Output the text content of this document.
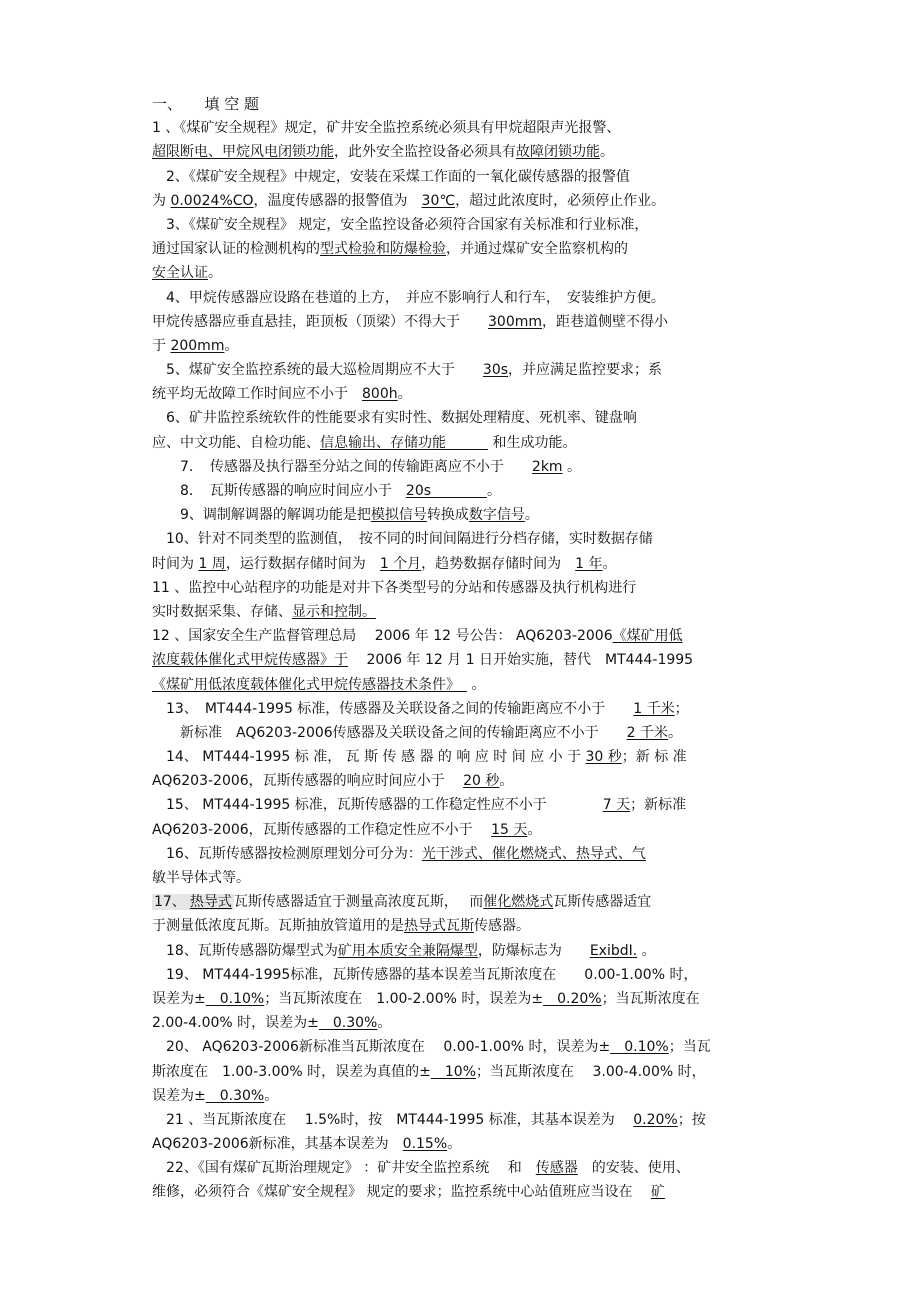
一、　　填 空 题
1 、《煤矿安全规程》规定，矿井安全监控系统必须具有甲烷超限声光报警、
超限断电、甲烷风电闭锁功能，此外安全监控设备必须具有故障闭锁功能。
　2、《煤矿安全规程》中规定，安装在采煤工作面的一氧化碳传感器的报警值
为 0.0024%CO，温度传感器的报警值为　30℃，超过此浓度时，必须停止作业。
　3、《煤矿安全规程》 规定，安全监控设备必须符合国家有关标准和行业标准，
通过国家认证的检测机构的型式检验和防爆检验，并通过煤矿安全监察机构的
安全认证。
　4、甲烷传感器应设路在巷道的上方，　并应不影响行人和行车，　安装维护方便。
甲烷传感器应垂直悬挂，距顶板（顶梁）不得大于　　300mm，距巷道侧壁不得小
于 200mm。
　5、煤矿安全监控系统的最大巡检周期应不大于　　30s，并应满足监控要求；系
统平均无故障工作时间应不小于　800h。
　6、矿井监控系统软件的性能要求有实时性、数据处理精度、死机率、键盘响
应、中文功能、自检功能、信息输出、存储功能　　　 和生成功能。
　　7．　传感器及执行器至分站之间的传输距离应不小于　　2km 。
　　8．　瓦斯传感器的响应时间应小于　20s　　　　。
　　9、调制解调器的解调功能是把模拟信号转换成数字信号。
　10、针对不同类型的监测值，　按不同的时间间隔进行分档存储，实时数据存储
时间为 1 周，运行数据存储时间为　1 个月，趋势数据存储时间为　1 年。
11 、监控中心站程序的功能是对井下各类型号的分站和传感器及执行机构进行
实时数据采集、存储、显示和控制。
12 、国家安全生产监督管理总局　 2006 年 12 号公告： AQ6203-2006《煤矿用低
浓度载体催化式甲烷传感器》于　 2006 年 12 月 1 日开始实施，替代　MT444-1995
《煤矿用低浓度载体催化式甲烷传感器技术条件》　 。
　13、　MT444-1995 标准，传感器及关联设备之间的传输距离应不小于　　1 千米；
　　新标准　AQ6203-2006传感器及关联设备之间的传输距离应不小于　　2 千米。
　14、 MT444-1995 标 准， 瓦 斯 传 感 器 的 响 应 时 间 应 小 于 30 秒；新 标 准
AQ6203-2006，瓦斯传感器的响应时间应小于　 20 秒。
　15、 MT444-1995 标准，瓦斯传感器的工作稳定性应不小于　　　　7 天；新标准
AQ6203-2006，瓦斯传感器的工作稳定性应不小于　 15 天。
　16、瓦斯传感器按检测原理划分可分为：光干涉式、催化燃烧式、热导式、气
敏半导体式等。
17、 热导式 瓦斯传感器适宜于测量高浓度瓦斯，　 而催化燃烧式瓦斯传感器适宜
于测量低浓度瓦斯。瓦斯抽放管道用的是热导式瓦斯传感器。
　18、瓦斯传感器防爆型式为矿用本质安全兼隔爆型，防爆标志为　　ExibdI. 。
　19、 MT444-1995标准，瓦斯传感器的基本误差当瓦斯浓度在　　0.00-1.00% 时，
误差为±　0.10%；当瓦斯浓度在　1.00-2.00% 时，误差为±　0.20%；当瓦斯浓度在
2.00-4.00% 时，误差为±　0.30%。
　20、 AQ6203-2006新标准当瓦斯浓度在　 0.00-1.00% 时，误差为±　0.10%；当瓦
斯浓度在　1.00-3.00% 时，误差为真值的±　10%；当瓦斯浓度在　 3.00-4.00% 时，
误差为±　0.30%。
　21 、当瓦斯浓度在　 1.5%时，按　MT444-1995 标准，其基本误差为　 0.20%；按
AQ6203-2006新标准，其基本误差为　0.15%。
　22、《国有煤矿瓦斯治理规定》 ：矿井安全监控系统　 和　传感器　的安装、使用、
维修，必须符合《煤矿安全规程》 规定的要求；监控系统中心站值班应当设在　 矿
